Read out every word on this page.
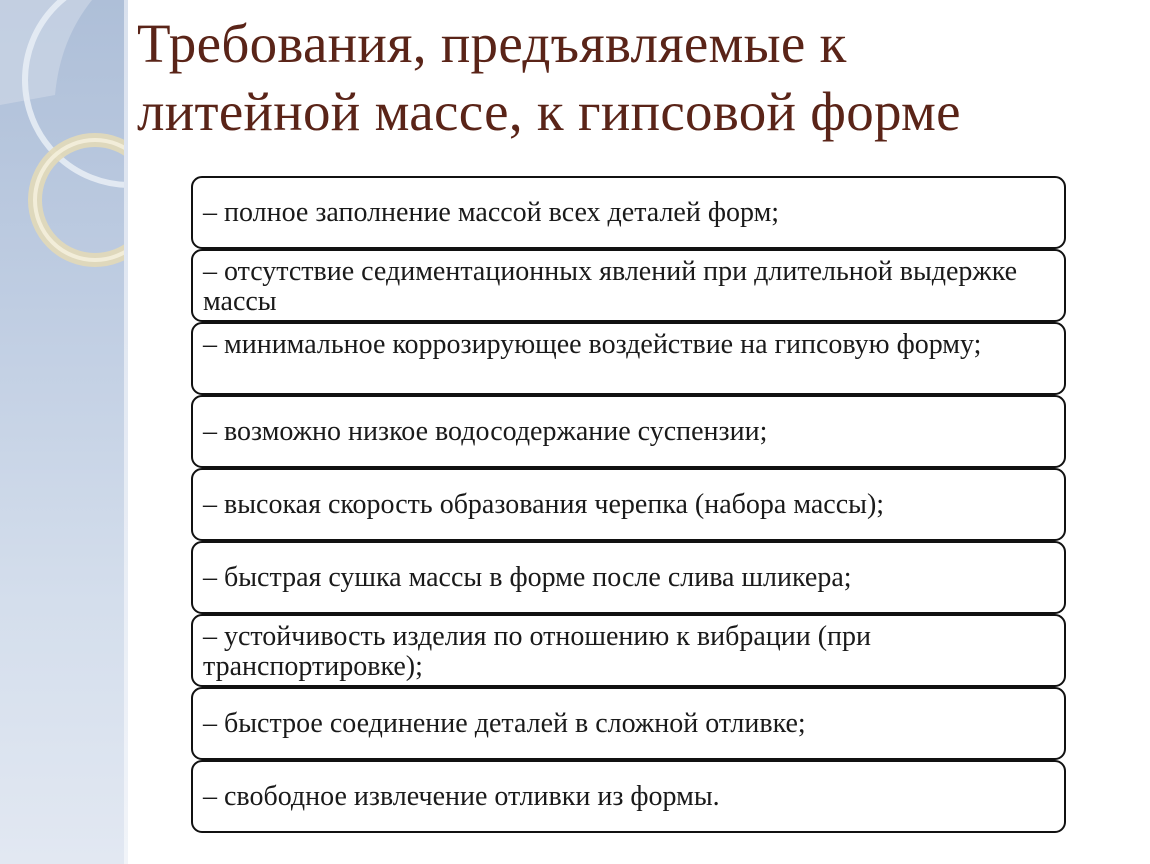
Требования, предъявляемые к
литейной массе, к гипсовой форме
– полное заполнение массой всех деталей форм;
– отсутствие седиментационных явлений при длительной выдержке массы
– минимальное коррозирующее воздействие на гипсовую форму;
– возможно низкое водосодержание суспензии;
– высокая скорость образования черепка (набора массы);
– быстрая сушка массы в форме после слива шликера;
– устойчивость изделия по отношению к вибрации (при транспортировке);
– быстрое соединение деталей в сложной отливке;
– свободное извлечение отливки из формы.
